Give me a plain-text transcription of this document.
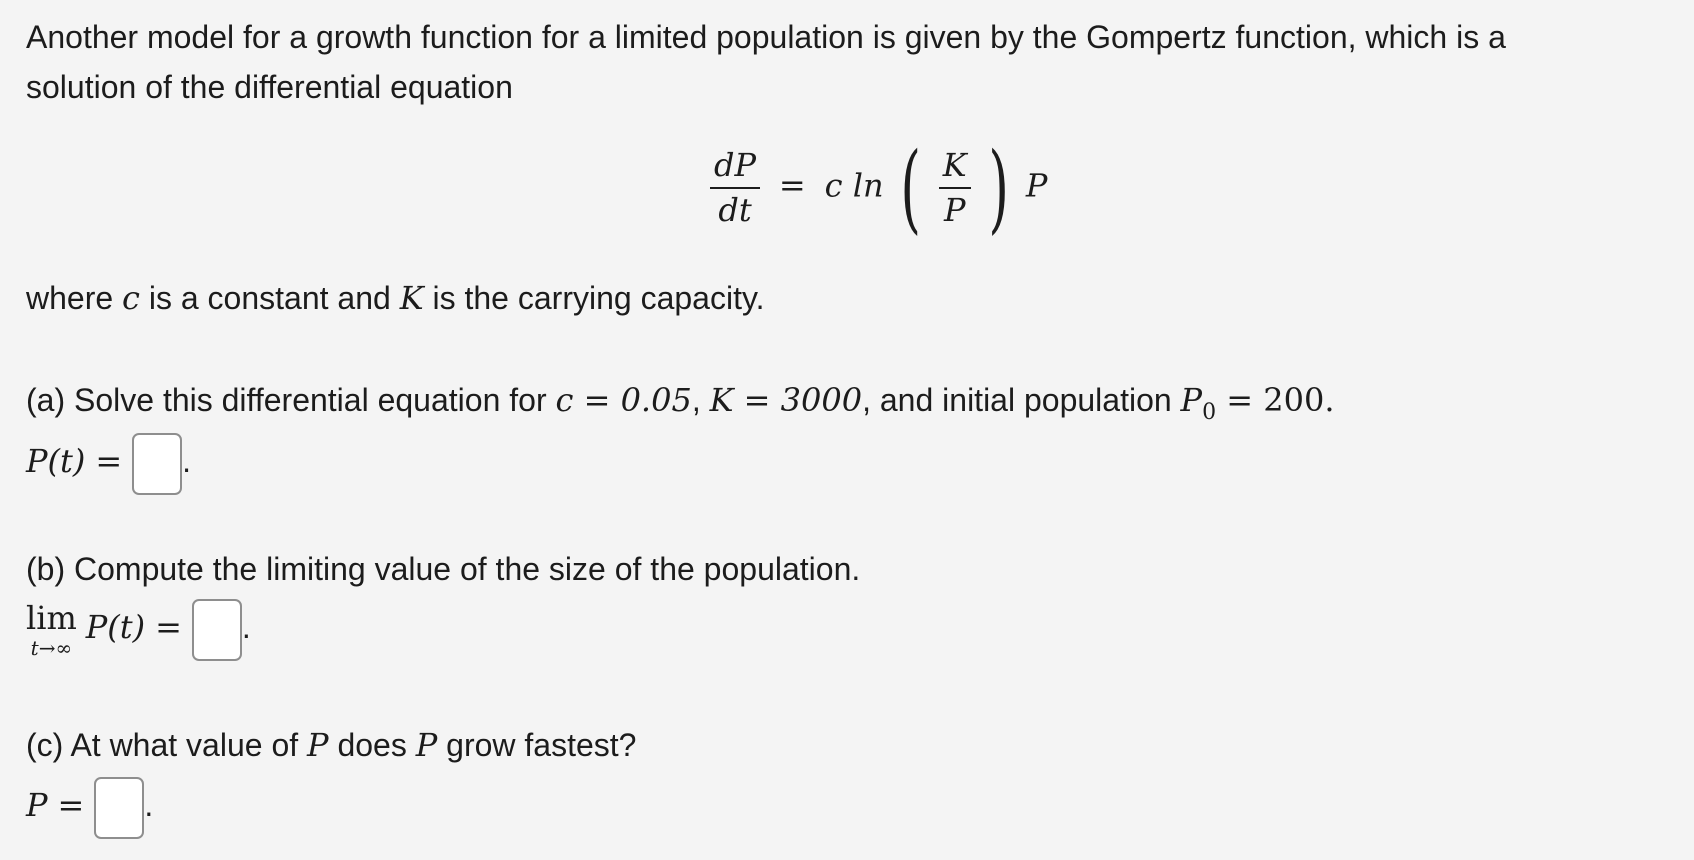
Another model for a growth function for a limited population is given by the Gompertz function, which is a
solution of the differential equation
$\frac{dP}{dt} = c$ ln ( $\frac{K}{P}$ ) P
where c is a constant and K is the carrying capacity.
(a) Solve this differential equation for c = 0.05, K = 3000, and initial population $P_0 = 200$.
P(t) = .
(b) Compute the limiting value of the size of the population.
lim
t→∞
P(t) = .
(c) At what value of P does P grow fastest?
P = .
